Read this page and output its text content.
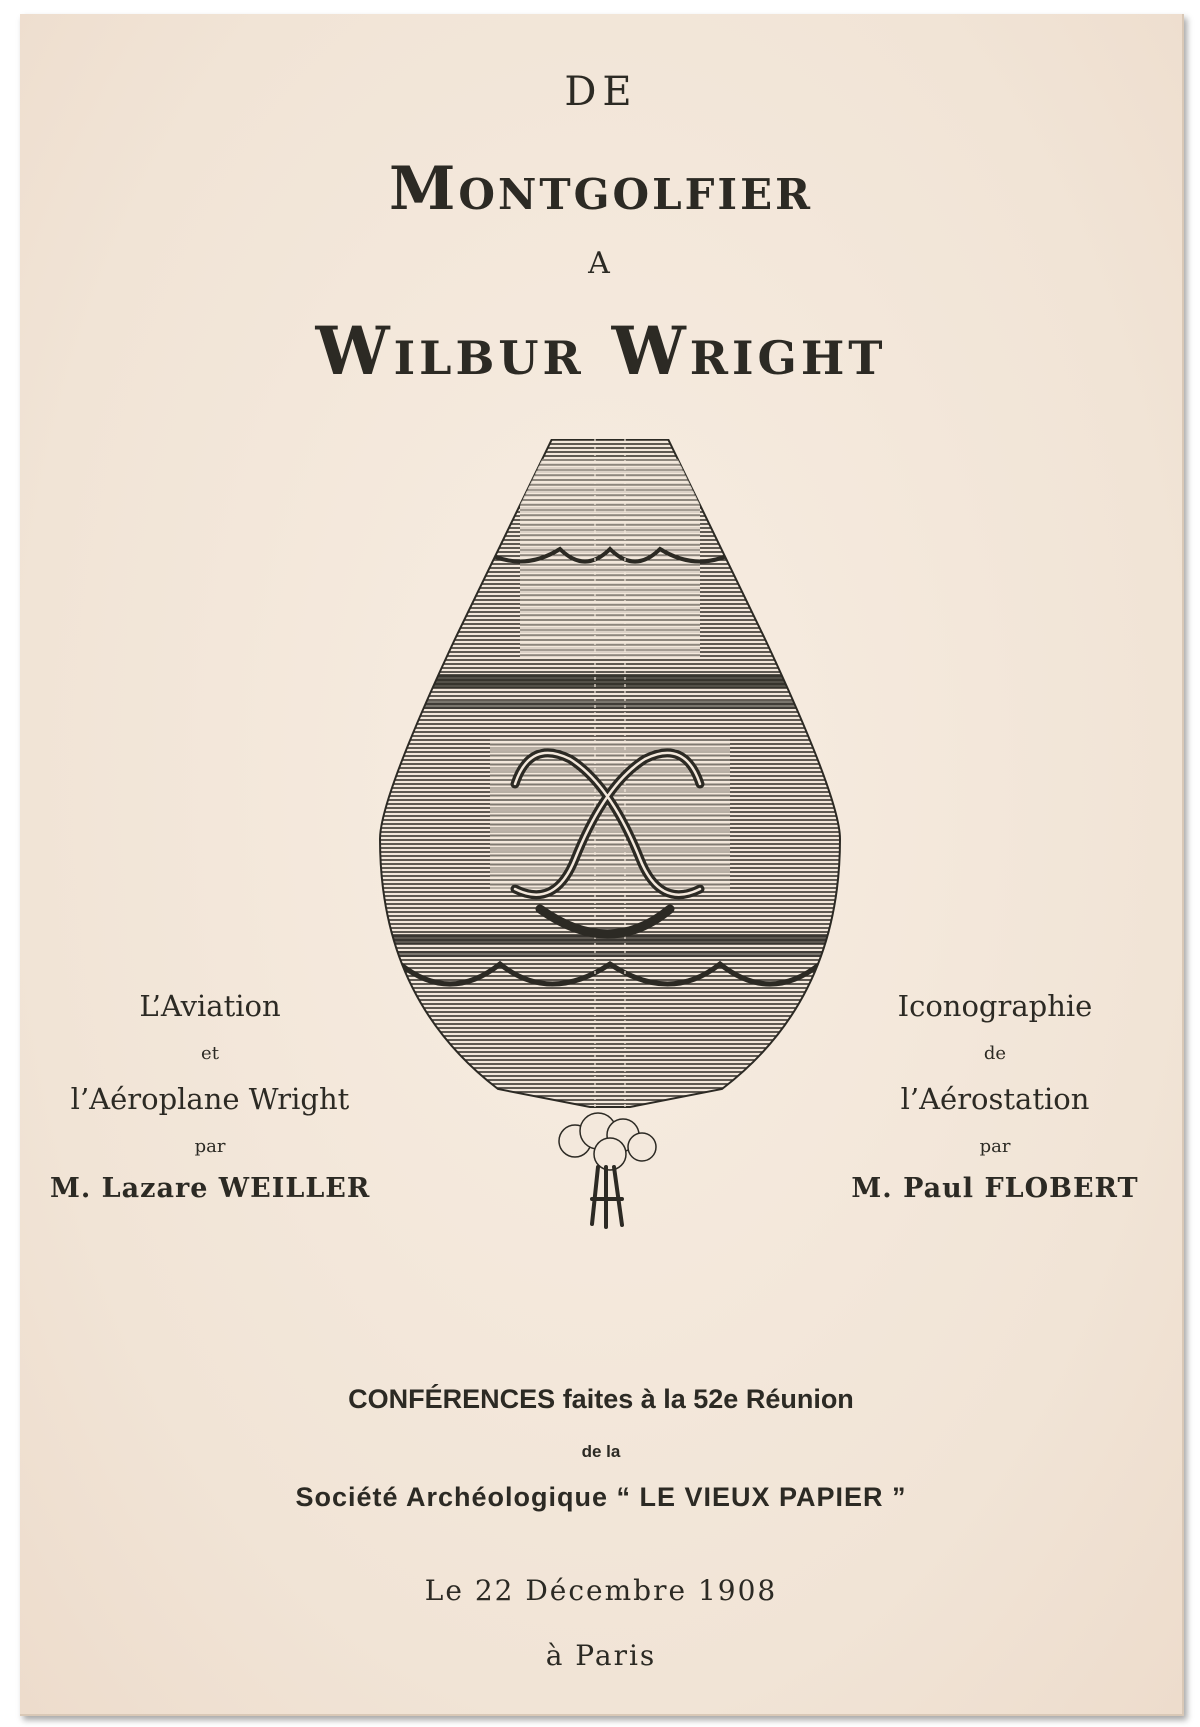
DE
Montgolfier
A
Wilbur Wright
L’Aviation
et
l’Aéroplane Wright
par
M. Lazare WEILLER
Iconographie
de
l’Aérostation
par
M. Paul FLOBERT
CONFÉRENCES faites à la 52e Réunion
de la
Société Archéologique “ LE VIEUX PAPIER ”
Le 22 Décembre 1908
à Paris
